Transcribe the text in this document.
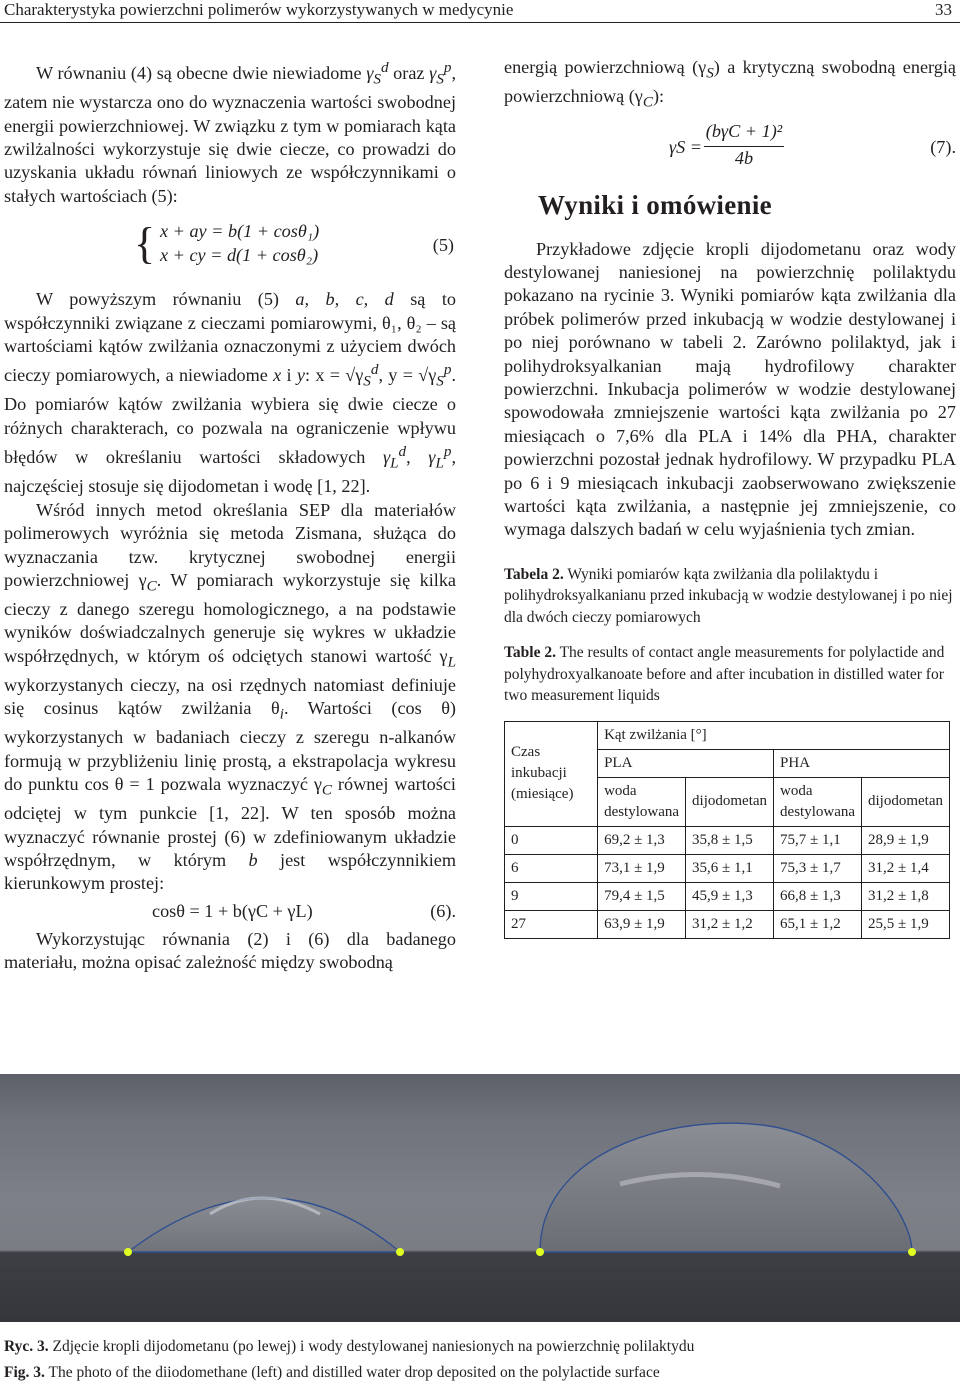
Charakterystyka powierzchni polimerów wykorzystywanych w medycynie	33

W równaniu (4) są obecne dwie niewiadome $\gamma_S^d$ oraz $\gamma_S^p$, zatem nie wystarcza ono do wyznaczenia wartości swobodnej energii powierzchniowej. W związku z tym w pomiarach kąta zwilżalności wykorzystuje się dwie ciecze, co prowadzi do uzyskania układu równań liniowych ze współczynnikami o stałych wartościach (5):

{ x + ay = b(1 + cosθ₁)
x + cy = d(1 + cosθ₂)	(5)

W powyższym równaniu (5) a, b, c, d są to współczynniki związane z cieczami pomiarowymi, θ₁, θ₂ – są wartościami kątów zwilżania oznaczonymi z użyciem dwóch cieczy pomiarowych, a niewiadome x i y: $x = √\gamma_S^d$, $y = √\gamma_S^p$. Do pomiarów kątów zwilżania wybiera się dwie ciecze o różnych charakterach, co pozwala na ograniczenie wpływu błędów w określaniu wartości składowych $\gamma_L^d$, $\gamma_L^p$, najczęściej stosuje się dijodometan i wodę [1, 22].

Wśród innych metod określania SEP dla materiałów polimerowych wyróżnia się metoda Zismana, służąca do wyznaczania tzw. krytycznej swobodnej energii powierzchniowej $\gamma_C$. W pomiarach wykorzystuje się kilka cieczy z danego szeregu homologicznego, a na podstawie wyników doświadczalnych generuje się wykres w układzie współrzędnych, w którym oś odciętych stanowi wartość $\gamma_L$ wykorzystanych cieczy, na osi rzędnych natomiast definiuje się cosinus kątów zwilżania $\theta_i$. Wartości (cos θ) wykorzystanych w badaniach cieczy z szeregu n-alkanów formują w przybliżeniu linię prostą, a ekstrapolacja wykresu do punktu cos θ = 1 pozwala wyznaczyć $\gamma_C$ równej wartości odciętej w tym punkcie [1, 22]. W ten sposób można wyznaczyć równanie prostej (6) w zdefiniowanym układzie współrzędnym, w którym b jest współczynnikiem kierunkowym prostej:

cosθ = 1 + b(γC + γL)	(6).

Wykorzystując równania (2) i (6) dla badanego materiału, można opisać zależność między swobodną

energią powierzchniową $(\gamma_S)$ a krytyczną swobodną energią powierzchniową $(\gamma_C)$:

γS =
(bγC + 1)²
4b
(7).
Wyniki i omówienie

Przykładowe zdjęcie kropli dijodometanu oraz wody destylowanej naniesionej na powierzchnię polilaktydu pokazano na rycinie 3. Wyniki pomiarów kąta zwilżania dla próbek polimerów przed inkubacją w wodzie destylowanej i po niej porównano w tabeli 2. Zarówno polilaktyd, jak i polihydroksyalkanian mają hydrofilowy charakter powierzchni. Inkubacja polimerów w wodzie destylowanej spowodowała zmniejszenie wartości kąta zwilżania po 27 miesiącach o 7,6% dla PLA i 14% dla PHA, charakter powierzchni pozostał jednak hydrofilowy. W przypadku PLA po 6 i 9 miesiącach inkubacji zaobserwowano zwiększenie wartości kąta zwilżania, a następnie jej zmniejszenie, co wymaga dalszych badań w celu wyjaśnienia tych zmian.

Tabela 2. Wyniki pomiarów kąta zwilżania dla polilaktydu i polihydroksyalkanianu przed inkubacją w wodzie destylowanej i po niej dla dwóch cieczy pomiarowych
Table 2. The results of contact angle measurements for polylactide and polyhydroxyalkanoate before and after incubation in distilled water for two measurement liquids
Czas inkubacji (miesiące)	Kąt zwilżania [°]			
	PLA		PHA	
	woda destylowana	dijodometan	woda destylowana	dijodometan
0	69,2 ± 1,3	35,8 ± 1,5	75,7 ± 1,1	28,9 ± 1,9
6	73,1 ± 1,9	35,6 ± 1,1	75,3 ± 1,7	31,2 ± 1,4
9	79,4 ± 1,5	45,9 ± 1,3	66,8 ± 1,3	31,2 ± 1,8
27	63,9 ± 1,9	31,2 ± 1,2	65,1 ± 1,2	25,5 ± 1,9
Ryc. 3. Zdjęcie kropli dijodometanu (po lewej) i wody destylowanej naniesionych na powierzchnię polilaktydu
Fig. 3. The photo of the diiodomethane (left) and distilled water drop deposited on the polylactide surface
